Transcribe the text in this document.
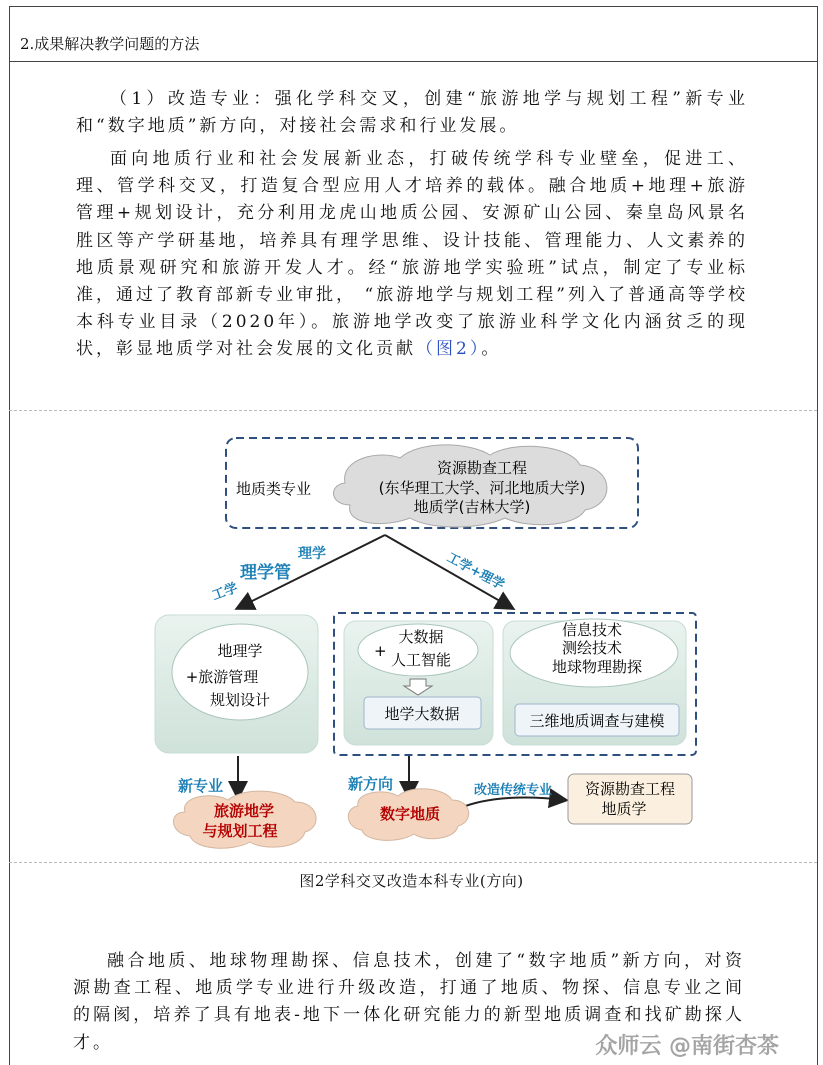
2.成果解决教学问题的方法

（1）改造专业：强化学科交叉，创建“旅游地学与规划工程”新专业和“数字地质”新方向，对接社会需求和行业发展。

面向地质行业和社会发展新业态，打破传统学科专业壁垒，促进工、理、管学科交叉，打造复合型应用人才培养的载体。融合地质+地理+旅游管理+规划设计，充分利用龙虎山地质公园、安源矿山公园、秦皇岛风景名胜区等产学研基地，培养具有理学思维、设计技能、管理能力、人文素养的地质景观研究和旅游开发人才。经“旅游地学实验班”试点，制定了专业标准，通过了教育部新专业审批， “旅游地学与规划工程”列入了普通高等学校本科专业目录（2020年）。旅游地学改变了旅游业科学文化内涵贫乏的现状，彰显地质学对社会发展的文化贡献（图2）。

地质类专业
资源勘查工程
(东华理工大学、河北地质大学)
地质学(吉林大学)
理学管
理学
工学	工学+理学
地理学
+旅游管理
规划设计
+
大数据
人工智能
地学大数据
信息技术
测绘技术
地球物理勘探
三维地质调查与建模
新专业	新方向	改造传统专业
旅游地学
与规划工程
数字地质
资源勘查工程
地质学
图2学科交叉改造本科专业(方向)

融合地质、地球物理勘探、信息技术，创建了“数字地质”新方向，对资源勘查工程、地质学专业进行升级改造，打通了地质、物探、信息专业之间的隔阂，培养了具有地表-地下一体化研究能力的新型地质调查和找矿勘探人才。	众师云 @南街杏茶
